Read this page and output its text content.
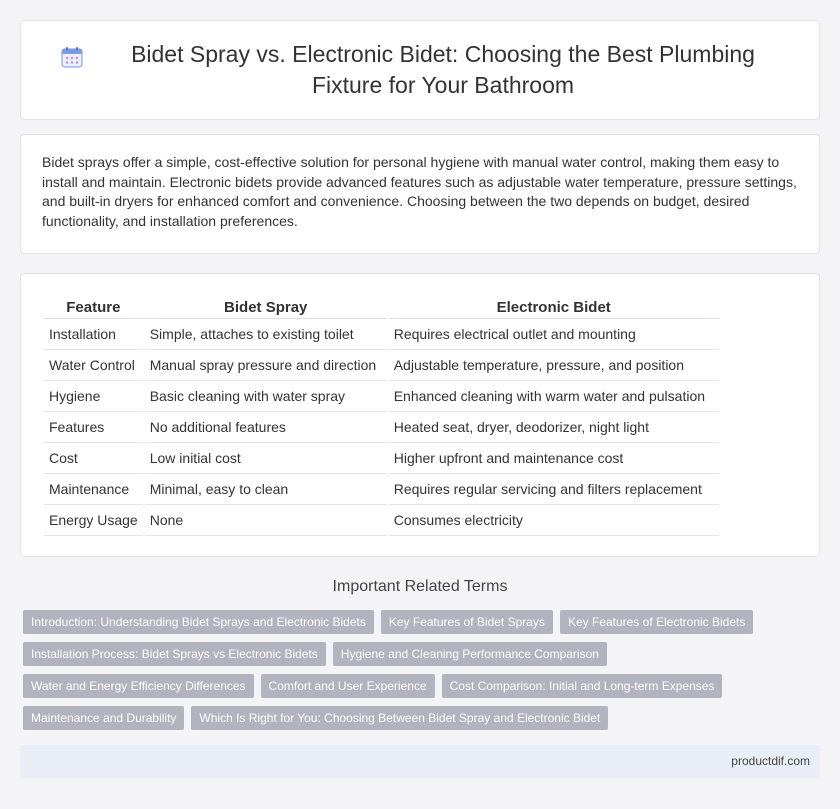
Bidet Spray vs. Electronic Bidet: Choosing the Best Plumbing Fixture for Your Bathroom

Bidet sprays offer a simple, cost-effective solution for personal hygiene with manual water control, making them easy to install and maintain. Electronic bidets provide advanced features such as adjustable water temperature, pressure settings, and built-in dryers for enhanced comfort and convenience. Choosing between the two depends on budget, desired functionality, and installation preferences.

Feature	Bidet Spray	Electronic Bidet
Installation	Simple, attaches to existing toilet	Requires electrical outlet and mounting
Water Control	Manual spray pressure and direction	Adjustable temperature, pressure, and position
Hygiene	Basic cleaning with water spray	Enhanced cleaning with warm water and pulsation
Features	No additional features	Heated seat, dryer, deodorizer, night light
Cost	Low initial cost	Higher upfront and maintenance cost
Maintenance	Minimal, easy to clean	Requires regular servicing and filters replacement
Energy Usage	None	Consumes electricity
Important Related Terms
Introduction: Understanding Bidet Sprays and Electronic Bidets	Key Features of Bidet Sprays	Key Features of Electronic Bidets
Installation Process: Bidet Sprays vs Electronic Bidets	Hygiene and Cleaning Performance Comparison
Water and Energy Efficiency Differences	Comfort and User Experience	Cost Comparison: Initial and Long-term Expenses
Maintenance and Durability	Which Is Right for You: Choosing Between Bidet Spray and Electronic Bidet
productdif.com
